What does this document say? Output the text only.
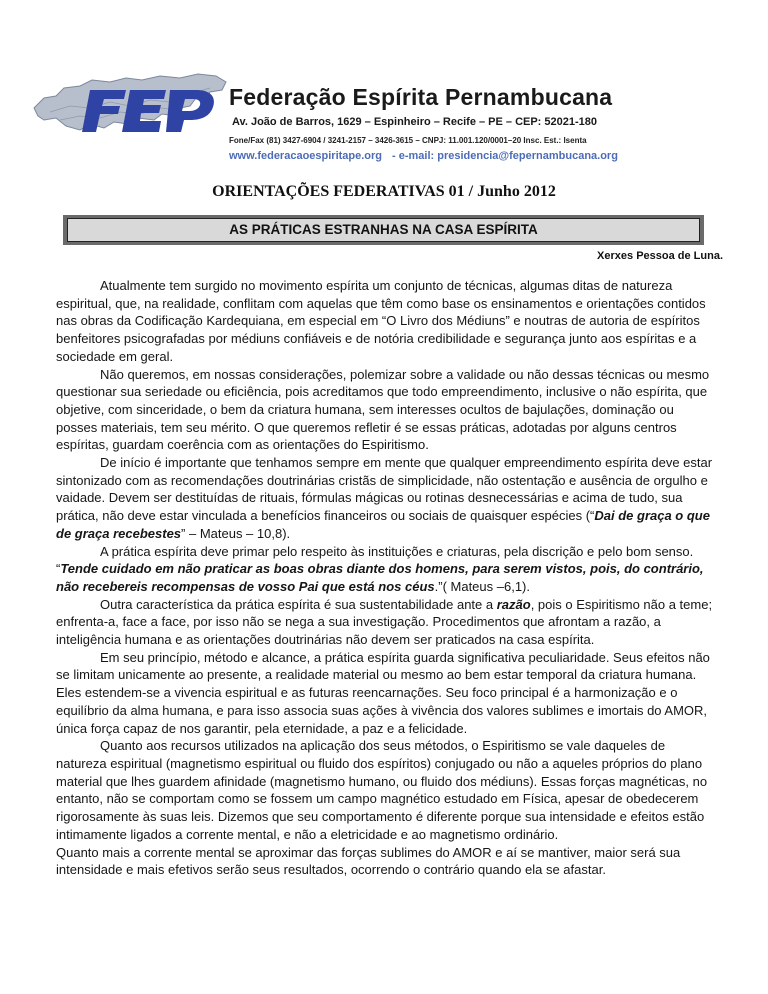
Federação Espírita Pernambucana
Av. João de Barros, 1629 – Espinheiro – Recife – PE – CEP: 52021-180
Fone/Fax (81) 3427-6904 / 3241-2157 – 3426-3615 – CNPJ: 11.001.120/0001–20 Insc. Est.: Isenta
www.federacaoespiritape.org - e-mail: presidencia@fepernambucana.org
ORIENTAÇÕES FEDERATIVAS 01 / Junho 2012
AS PRÁTICAS ESTRANHAS NA CASA ESPÍRITA
Xerxes Pessoa de Luna.

Atualmente tem surgido no movimento espírita um conjunto de técnicas, algumas ditas de natureza espiritual, que, na realidade, conflitam com aquelas que têm como base os ensinamentos e orientações contidos nas obras da Codificação Kardequiana, em especial em “O Livro dos Médiuns” e noutras de autoria de espíritos benfeitores psicografadas por médiuns confiáveis e de notória credibilidade e segurança junto aos espíritas e a sociedade em geral.

Não queremos, em nossas considerações, polemizar sobre a validade ou não dessas técnicas ou mesmo questionar sua seriedade ou eficiência, pois acreditamos que todo empreendimento, inclusive o não espírita, que objetive, com sinceridade, o bem da criatura humana, sem interesses ocultos de bajulações, dominação ou posses materiais, tem seu mérito. O que queremos refletir é se essas práticas, adotadas por alguns centros espíritas, guardam coerência com as orientações do Espiritismo.

De início é importante que tenhamos sempre em mente que qualquer empreendimento espírita deve estar sintonizado com as recomendações doutrinárias cristãs de simplicidade, não ostentação e ausência de orgulho e vaidade. Devem ser destituídas de rituais, fórmulas mágicas ou rotinas desnecessárias e acima de tudo, sua prática, não deve estar vinculada a benefícios financeiros ou sociais de quaisquer espécies (“Dai de graça o que de graça recebestes” – Mateus – 10,8).

A prática espírita deve primar pelo respeito às instituições e criaturas, pela discrição e pelo bom senso. “Tende cuidado em não praticar as boas obras diante dos homens, para serem vistos, pois, do contrário, não recebereis recompensas de vosso Pai que está nos céus.”( Mateus –6,1).

Outra característica da prática espírita é sua sustentabilidade ante a razão, pois o Espiritismo não a teme; enfrenta-a, face a face, por isso não se nega a sua investigação. Procedimentos que afrontam a razão, a inteligência humana e as orientações doutrinárias não devem ser praticados na casa espírita.

Em seu princípio, método e alcance, a prática espírita guarda significativa peculiaridade. Seus efeitos não se limitam unicamente ao presente, a realidade material ou mesmo ao bem estar temporal da criatura humana. Eles estendem-se a vivencia espiritual e as futuras reencarnações. Seu foco principal é a harmonização e o equilíbrio da alma humana, e para isso associa suas ações à vivência dos valores sublimes e imortais do AMOR, única força capaz de nos garantir, pela eternidade, a paz e a felicidade.

Quanto aos recursos utilizados na aplicação dos seus métodos, o Espiritismo se vale daqueles de natureza espiritual (magnetismo espiritual ou fluido dos espíritos) conjugado ou não a aqueles próprios do plano material que lhes guardem afinidade (magnetismo humano, ou fluido dos médiuns). Essas forças magnéticas, no entanto, não se comportam como se fossem um campo magnético estudado em Física, apesar de obedecerem rigorosamente às suas leis. Dizemos que seu comportamento é diferente porque sua intensidade e efeitos estão intimamente ligados a corrente mental, e não a eletricidade e ao magnetismo ordinário.

Quanto mais a corrente mental se aproximar das forças sublimes do AMOR e aí se mantiver, maior será sua intensidade e mais efetivos serão seus resultados, ocorrendo o contrário quando ela se afastar.
